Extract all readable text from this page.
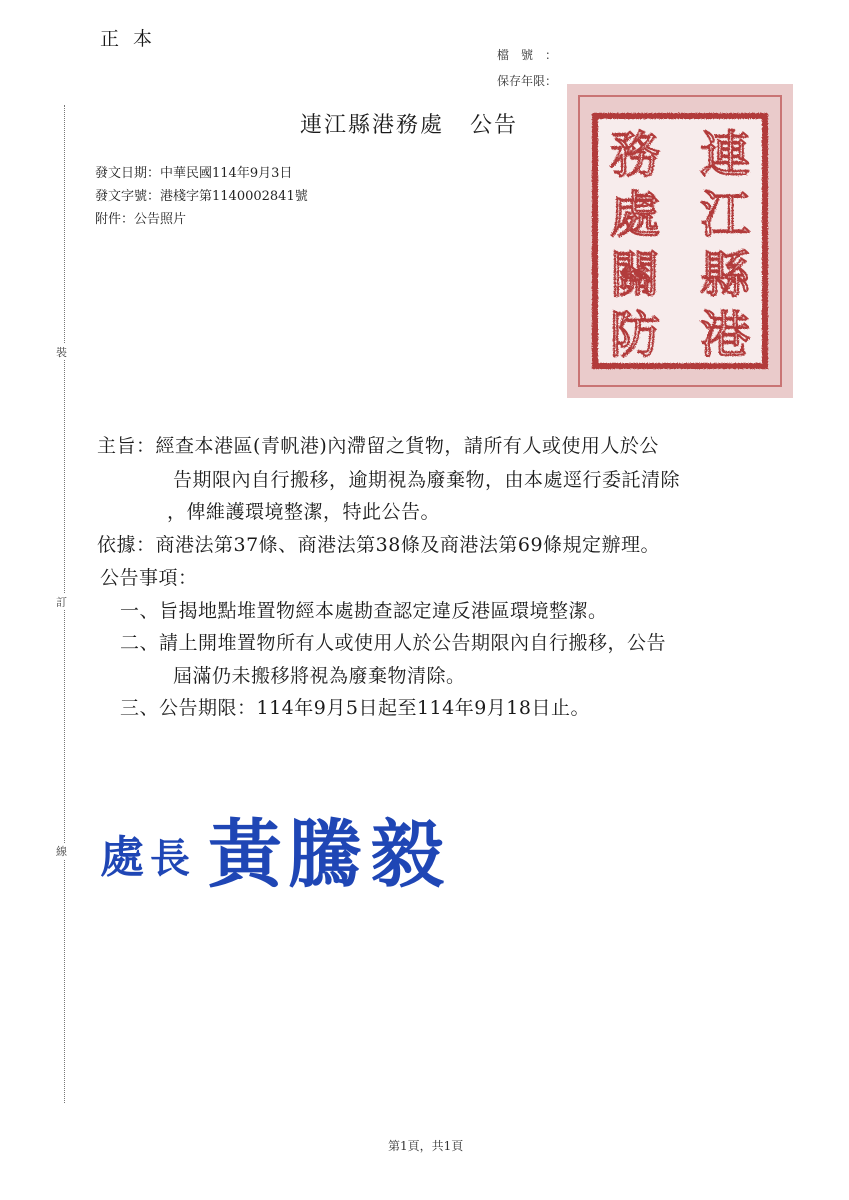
正本
檔號：
保存年限：
連江縣港務處 公告
發文日期：中華民國114年9月3日
發文字號：港棧字第1140002841號
附件：公告照片
裝
訂
線
連
江
縣
港
務
處
關
防
主旨：經查本港區(青帆港)內滯留之貨物，請所有人或使用人於公
告期限內自行搬移，逾期視為廢棄物，由本處逕行委託清除
，俾維護環境整潔，特此公告。
依據：商港法第37條、商港法第38條及商港法第69條規定辦理。
公告事項：
一、旨揭地點堆置物經本處勘查認定違反港區環境整潔。
二、請上開堆置物所有人或使用人於公告期限內自行搬移，公告
屆滿仍未搬移將視為廢棄物清除。
三、公告期限：114年9月5日起至114年9月18日止。
處 長 黃 騰 毅
第1頁，共1頁
